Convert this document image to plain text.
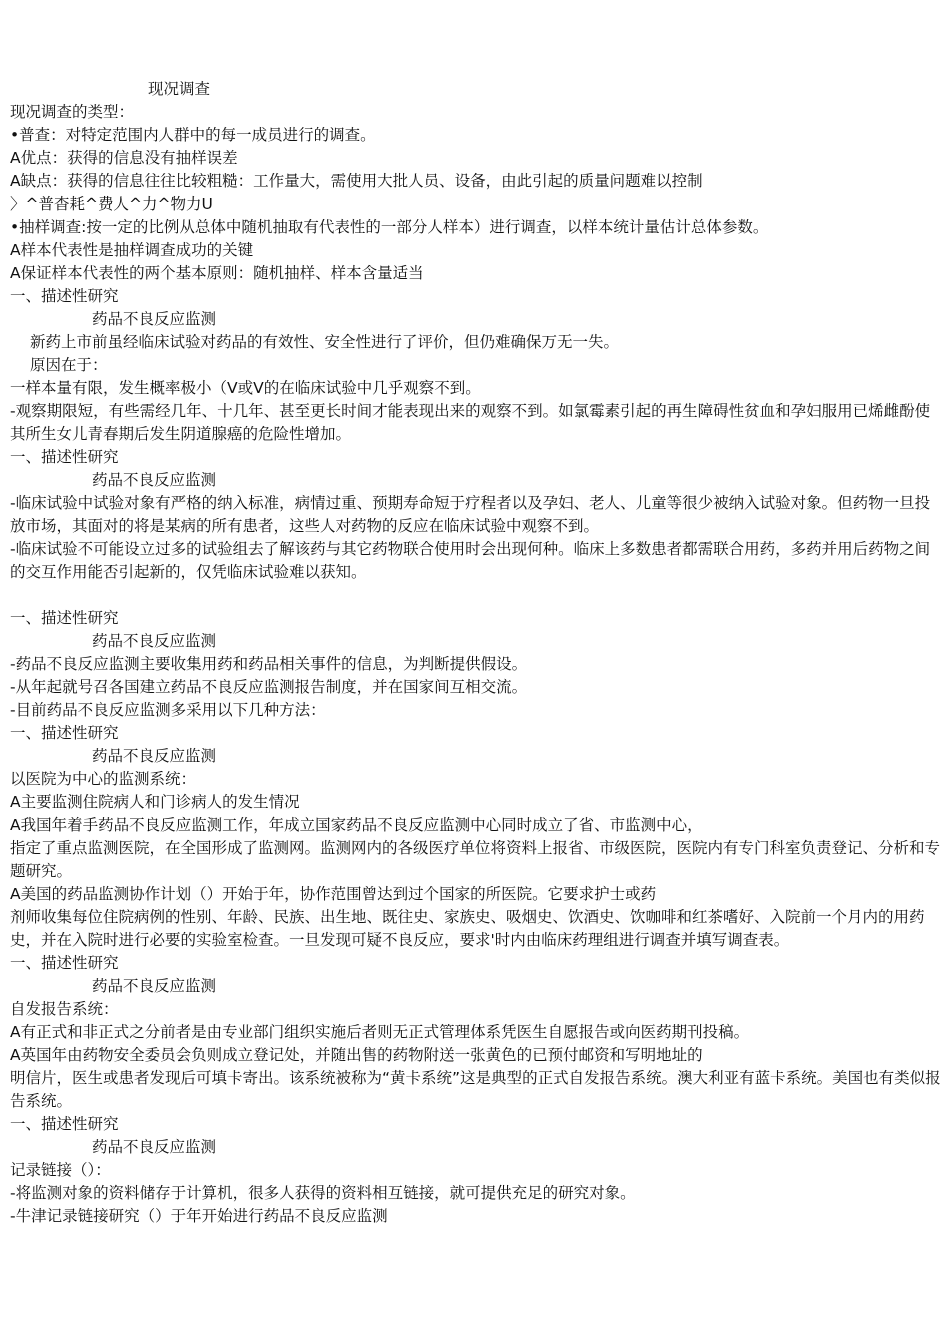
现况调查
现况调查的类型：
•普查：对特定范围内人群中的每一成员进行的调查。
A优点：获得的信息没有抽样误差
A缺点：获得的信息往往比较粗糙：工作量大，需使用大批人员、设备，由此引起的质量问题难以控制
〉^普杳耗^费人^力^物力U
•抽样调查:按一定的比例从总体中随机抽取有代表性的一部分人样本）进行调查，以样本统计量估计总体参数。
A样本代表性是抽样调查成功的关键
A保证样本代表性的两个基本原则：随机抽样、样本含量适当
一、描述性研究
药品不良反应监测
新药上市前虽经临床试验对药品的有效性、安全性进行了评价，但仍难确保万无一失。
原因在于：
一样本量有限，发生概率极小（Ⅴ或Ⅴ的在临床试验中几乎观察不到。
-观察期限短，有些需经几年、十几年、甚至更长时间才能表现出来的观察不到。如氯霉素引起的再生障碍性贫血和孕妇服用已烯雌酚使其所生女儿青春期后发生阴道腺癌的危险性增加。
一、描述性研究
药品不良反应监测
-临床试验中试验对象有严格的纳入标准，病情过重、预期寿命短于疗程者以及孕妇、老人、儿童等很少被纳入试验对象。但药物一旦投放市场，其面对的将是某病的所有患者，这些人对药物的反应在临床试验中观察不到。
-临床试验不可能设立过多的试验组去了解该药与其它药物联合使用时会出现何种。临床上多数患者都需联合用药，多药并用后药物之间的交互作用能否引起新的，仅凭临床试验难以获知。
一、描述性研究
药品不良反应监测
-药品不良反应监测主要收集用药和药品相关事件的信息，为判断提供假设。
-从年起就号召各国建立药品不良反应监测报告制度，并在国家间互相交流。
-目前药品不良反应监测多采用以下几种方法：
一、描述性研究
药品不良反应监测
以医院为中心的监测系统：
A主要监测住院病人和门诊病人的发生情况
A我国年着手药品不良反应监测工作，年成立国家药品不良反应监测中心同时成立了省、市监测中心，
指定了重点监测医院，在全国形成了监测网。监测网内的各级医疗单位将资料上报省、市级医院，医院内有专门科室负责登记、分析和专题研究。
A美国的药品监测协作计划（）开始于年，协作范围曾达到过个国家的所医院。它要求护士或药
剂师收集每位住院病例的性别、年龄、民族、出生地、既往史、家族史、吸烟史、饮酒史、饮咖啡和红茶嗜好、入院前一个月内的用药史，并在入院时进行必要的实验室检查。一旦发现可疑不良反应，要求'时内由临床药理组进行调查并填写调查表。
一、描述性研究
药品不良反应监测
自发报告系统：
A有正式和非正式之分前者是由专业部门组织实施后者则无正式管理体系凭医生自愿报告或向医药期刊投稿。
A英国年由药物安全委员会负则成立登记处，并随出售的药物附送一张黄色的已预付邮资和写明地址的
明信片，医生或患者发现后可填卡寄出。该系统被称为“黄卡系统”这是典型的正式自发报告系统。澳大利亚有蓝卡系统。美国也有类似报告系统。
一、描述性研究
药品不良反应监测
记录链接（）：
-将监测对象的资料储存于计算机，很多人获得的资料相互链接，就可提供充足的研究对象。
-牛津记录链接研究（）于年开始进行药品不良反应监测
